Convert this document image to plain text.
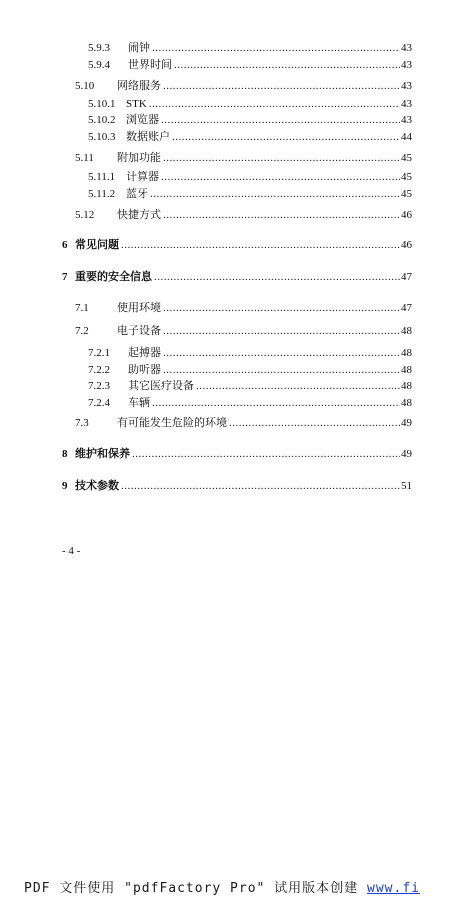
5.9.3	闹钟 .....	43
5.9.4	世界时间 .....	43
5.10	网络服务 .....	43
5.10.1 STK .....	43
5.10.2 浏览器 .....	43
5.10.3 数据账户 .....	44
5.11	附加功能 .....	45
5.11.1 计算器 .....	45
5.11.2 蓝牙 .....	45
5.12	快捷方式 .....	46
6 常见问题 .....	46
7 重要的安全信息 .....	47
7.1	使用环境 .....	47
7.2	电子设备 .....	48
7.2.1	起搏器 .....	48
7.2.2	助听器 .....	48
7.2.3	其它医疗设备 .....	48
7.2.4	车辆 .....	48
7.3	有可能发生危险的环境 .....	49
8 维护和保养 .....	49
9 技术参数 .....	51
- 4 -
PDF 文件使用 "pdfFactory Pro" 试用版本创建 www.fi
